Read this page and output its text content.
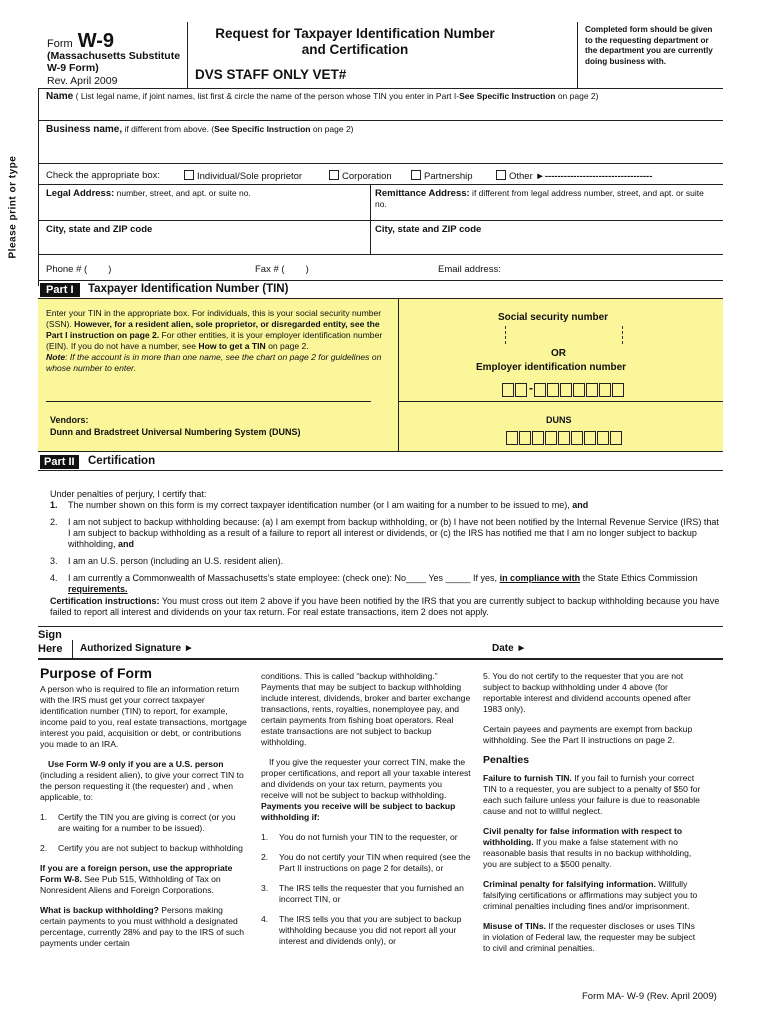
Form W-9
(Massachusetts Substitute W-9 Form)
Rev. April 2009
Request for Taxpayer Identification Number and Certification
DVS STAFF ONLY VET#
Completed form should be given to the requesting department or the department you are currently doing business with.
Please print or type
Name ( List legal name, if joint names, list first & circle the name of the person whose TIN you enter in Part I-See Specific Instruction on page 2)
Business name, if different from above. (See Specific Instruction on page 2)
Check the appropriate box:	Individual/Sole proprietor	Corporation	Partnership	Other ►----------------------------------
Legal Address: number, street, and apt. or suite no.	Remittance Address: if different from legal address number, street, and apt. or suite no.
City, state and ZIP code	City, state and ZIP code
Phone # (        )	Fax # (        )	Email address:
Part I	Taxpayer Identification Number (TIN)
Enter your TIN in the appropriate box. For individuals, this is your social security number (SSN). However, for a resident alien, sole proprietor, or disregarded entity, see the Part I instruction on page 2. For other entities, it is your employer identification number (EIN). If you do not have a number, see How to get a TIN on page 2.
Note: If the account is in more than one name, see the chart on page 2 for guidelines on whose number to enter.
Vendors:
Dunn and Bradstreet Universal Numbering System (DUNS)
Social security number
OR
Employer identification number
-
DUNS
Part II	Certification
Under penalties of perjury, I certify that:
1. The number shown on this form is my correct taxpayer identification number (or I am waiting for a number to be issued to me), and
2. I am not subject to backup withholding because: (a) I am exempt from backup withholding, or (b) I have not been notified by the Internal Revenue Service (IRS) that I am subject to backup withholding as a result of a failure to report all interest or dividends, or (c) the IRS has notified me that I am no longer subject to backup withholding, and
3. I am an U.S. person (including an U.S. resident alien).
4. I am currently a Commonwealth of Massachusetts’s state employee: (check one): No____ Yes _____ If yes, in compliance with the State Ethics Commission requirements.
Certification instructions: You must cross out item 2 above if you have been notified by the IRS that you are currently subject to backup withholding because you have failed to report all interest and dividends on your tax return. For real estate transactions, item 2 does not apply.
Sign
Here Authorized Signature ►	Date ►
Purpose of Form

A person who is required to file an information return with the IRS must get your correct taxpayer identification number (TIN) to report, for example, income paid to you, real estate transactions, mortgage interest you paid, acquisition or debt, or contributions you made to an IRA.

Use Form W-9 only if you are a U.S. person (including a resident alien), to give your correct TIN to the person requesting it (the requester) and , when applicable, to:

1. Certify the TIN you are giving is correct (or you are waiting for a number to be issued).
2. Certify you are not subject to backup withholding

If you are a foreign person, use the appropriate Form W-8. See Pub 515, Withholding of Tax on Nonresident Aliens and Foreign Corporations.

What is backup withholding? Persons making certain payments to you must withhold a designated percentage, currently 28% and pay to the IRS of such payments under certain

conditions. This is called “backup withholding.” Payments that may be subject to backup withholding include interest, dividends, broker and barter exchange transactions, rents, royalties, nonemployee pay, and certain payments from fishing boat operators. Real estate transactions are not subject to backup withholding.

If you give the requester your correct TIN, make the proper certifications, and report all your taxable interest and dividends on your tax return, payments you receive will not be subject to backup withholding. Payments you receive will be subject to backup withholding if:

1. You do not furnish your TIN to the requester, or
2. You do not certify your TIN when required (see the Part II instructions on page 2 for details), or
3. The IRS tells the requester that you furnished an incorrect TIN, or
4. The IRS tells you that you are subject to backup withholding because you did not report all your interest and dividends only), or
5. You do not certify to the requester that you are not subject to backup withholding under 4 above (for reportable interest and dividend accounts opened after 1983 only).

Certain payees and payments are exempt from backup withholding. See the Part II instructions on page 2.

Penalties

Failure to furnish TIN. If you fail to furnish your correct TIN to a requester, you are subject to a penalty of $50 for each such failure unless your failure is due to reasonable cause and not to willful neglect.

Civil penalty for false information with respect to withholding. If you make a false statement with no reasonable basis that results in no backup withholding, you are subject to a $500 penalty.

Criminal penalty for falsifying information. Willfully falsifying certifications or affirmations may subject you to criminal penalties including fines and/or imprisonment.

Misuse of TINs. If the requester discloses or uses TINs in violation of Federal law, the requester may be subject to civil and criminal penalties.

Form MA- W-9 (Rev. April 2009)
